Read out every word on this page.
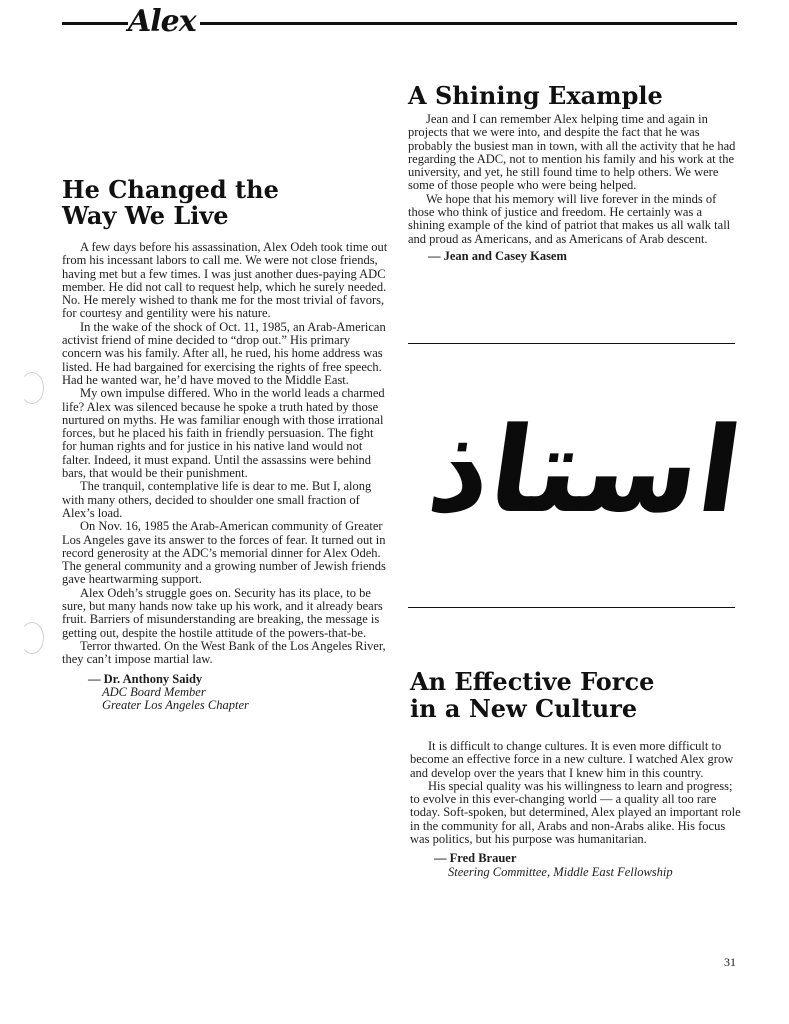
Alex
He Changed the
Way We Live

A few days before his assassination, Alex Odeh took time out from his incessant labors to call me. We were not close friends, having met but a few times. I was just another dues-paying ADC member. He did not call to request help, which he surely needed. No. He merely wished to thank me for the most trivial of favors, for courtesy and gentility were his nature.

In the wake of the shock of Oct. 11, 1985, an Arab-American activist friend of mine decided to “drop out.” His primary concern was his family. After all, he rued, his home address was listed. He had bargained for exercising the rights of free speech. Had he wanted war, he’d have moved to the Middle East.

My own impulse differed. Who in the world leads a charmed life? Alex was silenced because he spoke a truth hated by those nurtured on myths. He was familiar enough with those irrational forces, but he placed his faith in friendly persuasion. The fight for human rights and for justice in his native land would not falter. Indeed, it must expand. Until the assassins were behind bars, that would be their punishment.

The tranquil, contemplative life is dear to me. But I, along with many others, decided to shoulder one small fraction of Alex’s load.

On Nov. 16, 1985 the Arab-American community of Greater Los Angeles gave its answer to the forces of fear. It turned out in record generosity at the ADC’s memorial dinner for Alex Odeh. The general community and a growing number of Jewish friends gave heartwarming support.

Alex Odeh’s struggle goes on. Security has its place, to be sure, but many hands now take up his work, and it already bears fruit. Barriers of misunderstanding are breaking, the message is getting out, despite the hostile attitude of the powers-that-be.

Terror thwarted. On the West Bank of the Los Angeles River, they can’t impose martial law.

— Dr. Anthony Saidy

ADC Board Member

Greater Los Angeles Chapter

A Shining Example

Jean and I can remember Alex helping time and again in projects that we were into, and despite the fact that he was probably the busiest man in town, with all the activity that he had regarding the ADC, not to mention his family and his work at the university, and yet, he still found time to help others. We were some of those people who were being helped.

We hope that his memory will live forever in the minds of those who think of justice and freedom. He certainly was a shining example of the kind of patriot that makes us all walk tall and proud as Americans, and as Americans of Arab descent.

— Jean and Casey Kasem

استاذ
An Effective Force
in a New Culture

It is difficult to change cultures. It is even more difficult to become an effective force in a new culture. I watched Alex grow and develop over the years that I knew him in this country.

His special quality was his willingness to learn and progress; to evolve in this ever-changing world — a quality all too rare today. Soft-spoken, but determined, Alex played an important role in the community for all, Arabs and non-Arabs alike. His focus was politics, but his purpose was humanitarian.

— Fred Brauer

Steering Committee, Middle East Fellowship

31
